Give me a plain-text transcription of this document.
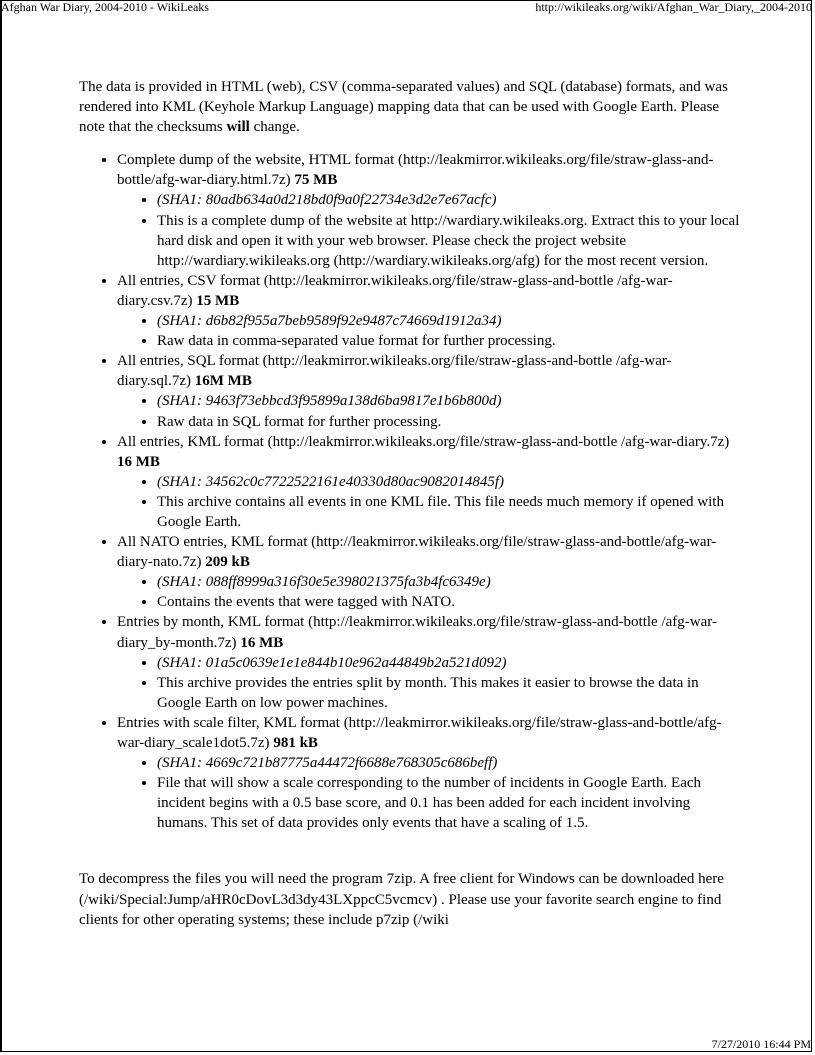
Afghan War Diary, 2004-2010 - WikiLeaks	http://wikileaks.org/wiki/Afghan_War_Diary,_2004-2010

The data is provided in HTML (web), CSV (comma-separated values) and SQL (database) formats, and was rendered into KML (Keyhole Markup Language) mapping data that can be used with Google Earth. Please note that the checksums will change.

• Complete dump of the website, HTML format (http://leakmirror.wikileaks.org/file/straw-glass-and-bottle/afg-war-diary.html.7z) 75 MB
• (SHA1: 80adb634a0d218bd0f9a0f22734e3d2e7e67acfc)
• This is a complete dump of the website at http://wardiary.wikileaks.org. Extract this to your local hard disk and open it with your web browser. Please check the project website http://wardiary.wikileaks.org (http://wardiary.wikileaks.org/afg) for the most recent version.
• All entries, CSV format (http://leakmirror.wikileaks.org/file/straw-glass-and-bottle /afg-war-diary.csv.7z) 15 MB
• (SHA1: d6b82f955a7beb9589f92e9487c74669d1912a34)
• Raw data in comma-separated value format for further processing.
• All entries, SQL format (http://leakmirror.wikileaks.org/file/straw-glass-and-bottle /afg-war-diary.sql.7z) 16M MB
• (SHA1: 9463f73ebbcd3f95899a138d6ba9817e1b6b800d)
• Raw data in SQL format for further processing.
• All entries, KML format (http://leakmirror.wikileaks.org/file/straw-glass-and-bottle /afg-war-diary.7z) 16 MB
• (SHA1: 34562c0c7722522161e40330d80ac9082014845f)
• This archive contains all events in one KML file. This file needs much memory if opened with Google Earth.
• All NATO entries, KML format (http://leakmirror.wikileaks.org/file/straw-glass-and-bottle/afg-war-diary-nato.7z) 209 kB
• (SHA1: 088ff8999a316f30e5e398021375fa3b4fc6349e)
• Contains the events that were tagged with NATO.
• Entries by month, KML format (http://leakmirror.wikileaks.org/file/straw-glass-and-bottle /afg-war-diary_by-month.7z) 16 MB
• (SHA1: 01a5c0639e1e1e844b10e962a44849b2a521d092)
• This archive provides the entries split by month. This makes it easier to browse the data in Google Earth on low power machines.
• Entries with scale filter, KML format (http://leakmirror.wikileaks.org/file/straw-glass-and-bottle/afg-war-diary_scale1dot5.7z) 981 kB
• (SHA1: 4669c721b87775a44472f6688e768305c686beff)
• File that will show a scale corresponding to the number of incidents in Google Earth. Each incident begins with a 0.5 base score, and 0.1 has been added for each incident involving humans. This set of data provides only events that have a scaling of 1.5.

To decompress the files you will need the program 7zip. A free client for Windows can be downloaded here (/wiki/Special:Jump/aHR0cDovL3d3dy43LXppcC5vcmcv) . Please use your favorite search engine to find clients for other operating systems; these include p7zip (/wiki

7/27/2010 16:44 PM
